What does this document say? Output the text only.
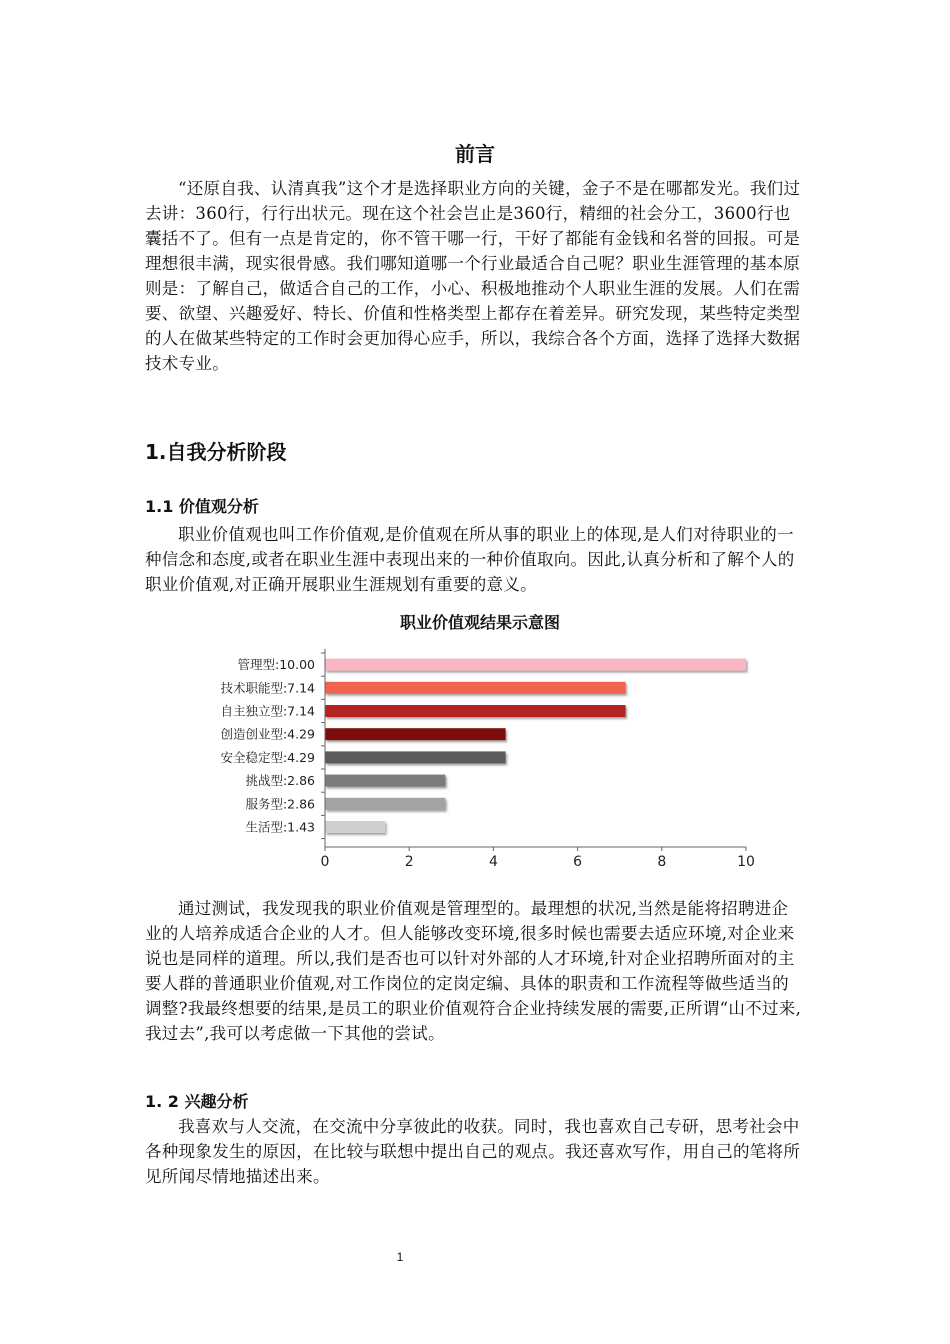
前言

“还原自我、认清真我”这个才是选择职业方向的关键，金子不是在哪都发光。我们过去讲：360行，行行出状元。现在这个社会岂止是360行，精细的社会分工，3600行也囊括不了。但有一点是肯定的，你不管干哪一行，干好了都能有金钱和名誉的回报。可是理想很丰满，现实很骨感。我们哪知道哪一个行业最适合自己呢？职业生涯管理的基本原则是：了解自己，做适合自己的工作，小心、积极地推动个人职业生涯的发展。人们在需要、欲望、兴趣爱好、特长、价值和性格类型上都存在着差异。研究发现，某些特定类型的人在做某些特定的工作时会更加得心应手，所以，我综合各个方面，选择了选择大数据技术专业。

1.自我分析阶段
1.1 价值观分析

职业价值观也叫工作价值观,是价值观在所从事的职业上的体现,是人们对待职业的一种信念和态度,或者在职业生涯中表现出来的一种价值取向。因此,认真分析和了解个人的职业价值观,对正确开展职业生涯规划有重要的意义。

职业价值观结果示意图
管理型:10.00
技术职能型:7.14
自主独立型:7.14
创造创业型:4.29
安全稳定型:4.29
挑战型:2.86
服务型:2.86
生活型:1.43
0	2	4	6	8	10

通过测试，我发现我的职业价值观是管理型的。最理想的状况,当然是能将招聘进企业的人培养成适合企业的人才。但人能够改变环境,很多时候也需要去适应环境,对企业来说也是同样的道理。所以,我们是否也可以针对外部的人才环境,针对企业招聘所面对的主要人群的普通职业价值观,对工作岗位的定岗定编、具体的职责和工作流程等做些适当的调整?我最终想要的结果,是员工的职业价值观符合企业持续发展的需要,正所谓“山不过来,我过去”,我可以考虑做一下其他的尝试。

1. 2 兴趣分析

我喜欢与人交流，在交流中分享彼此的收获。同时，我也喜欢自己专研，思考社会中各种现象发生的原因，在比较与联想中提出自己的观点。我还喜欢写作，用自己的笔将所见所闻尽情地描述出来。

1
